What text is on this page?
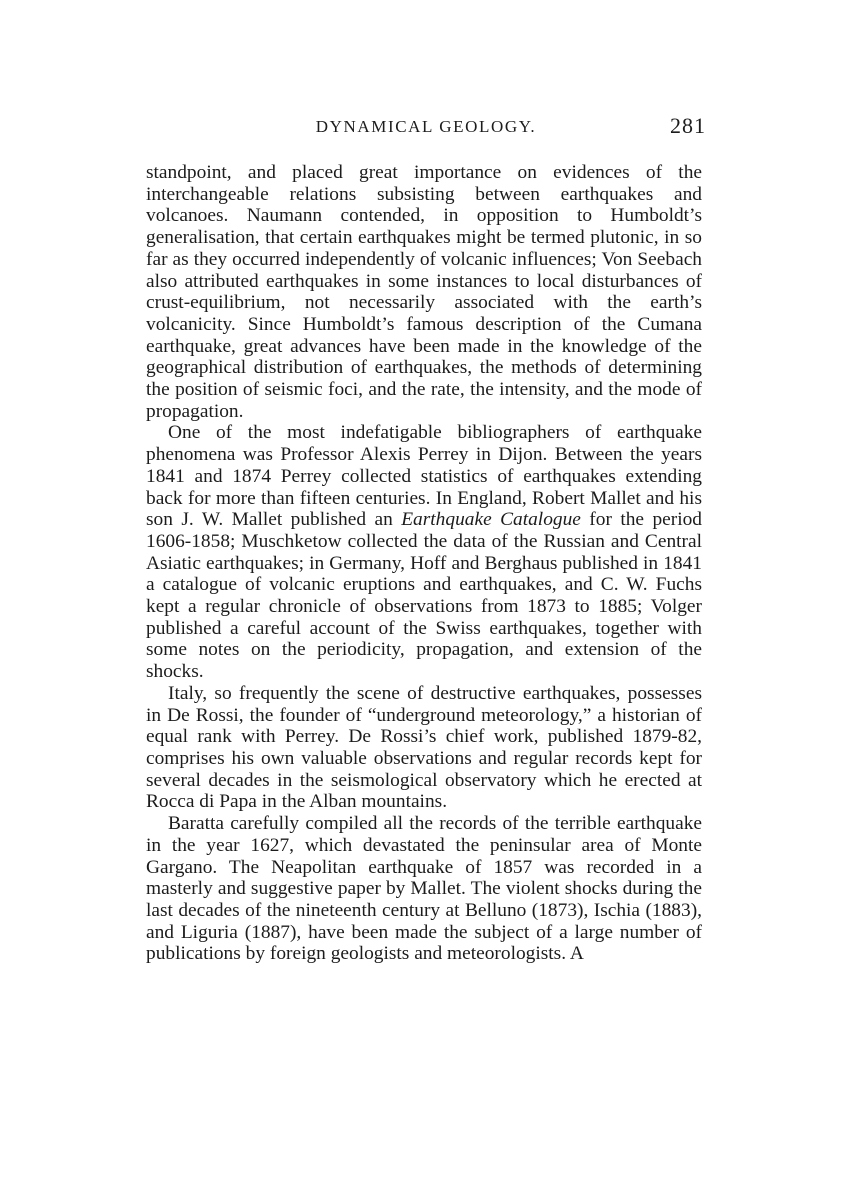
DYNAMICAL GEOLOGY.	281

standpoint, and placed great importance on evidences of the interchangeable relations subsisting between earthquakes and volcanoes. Naumann contended, in opposition to Humboldt’s generalisation, that certain earthquakes might be termed plutonic, in so far as they occurred independently of volcanic influences; Von Seebach also attributed earthquakes in some instances to local disturbances of crust-equilibrium, not necessarily associated with the earth’s volcanicity. Since Humboldt’s famous description of the Cumana earthquake, great advances have been made in the knowledge of the geographical distribution of earthquakes, the methods of determining the position of seismic foci, and the rate, the intensity, and the mode of propagation.

One of the most indefatigable bibliographers of earthquake phenomena was Professor Alexis Perrey in Dijon. Between the years 1841 and 1874 Perrey collected statistics of earthquakes extending back for more than fifteen centuries. In England, Robert Mallet and his son J. W. Mallet published an Earthquake Catalogue for the period 1606-1858; Muschketow collected the data of the Russian and Central Asiatic earthquakes; in Germany, Hoff and Berghaus published in 1841 a catalogue of volcanic eruptions and earthquakes, and C. W. Fuchs kept a regular chronicle of observations from 1873 to 1885; Volger published a careful account of the Swiss earthquakes, together with some notes on the periodicity, propagation, and extension of the shocks.

Italy, so frequently the scene of destructive earthquakes, possesses in De Rossi, the founder of “underground meteorology,” a historian of equal rank with Perrey. De Rossi’s chief work, published 1879-82, comprises his own valuable observations and regular records kept for several decades in the seismological observatory which he erected at Rocca di Papa in the Alban mountains.

Baratta carefully compiled all the records of the terrible earthquake in the year 1627, which devastated the peninsular area of Monte Gargano. The Neapolitan earthquake of 1857 was recorded in a masterly and suggestive paper by Mallet. The violent shocks during the last decades of the nineteenth century at Belluno (1873), Ischia (1883), and Liguria (1887), have been made the subject of a large number of publications by foreign geologists and meteorologists. A
